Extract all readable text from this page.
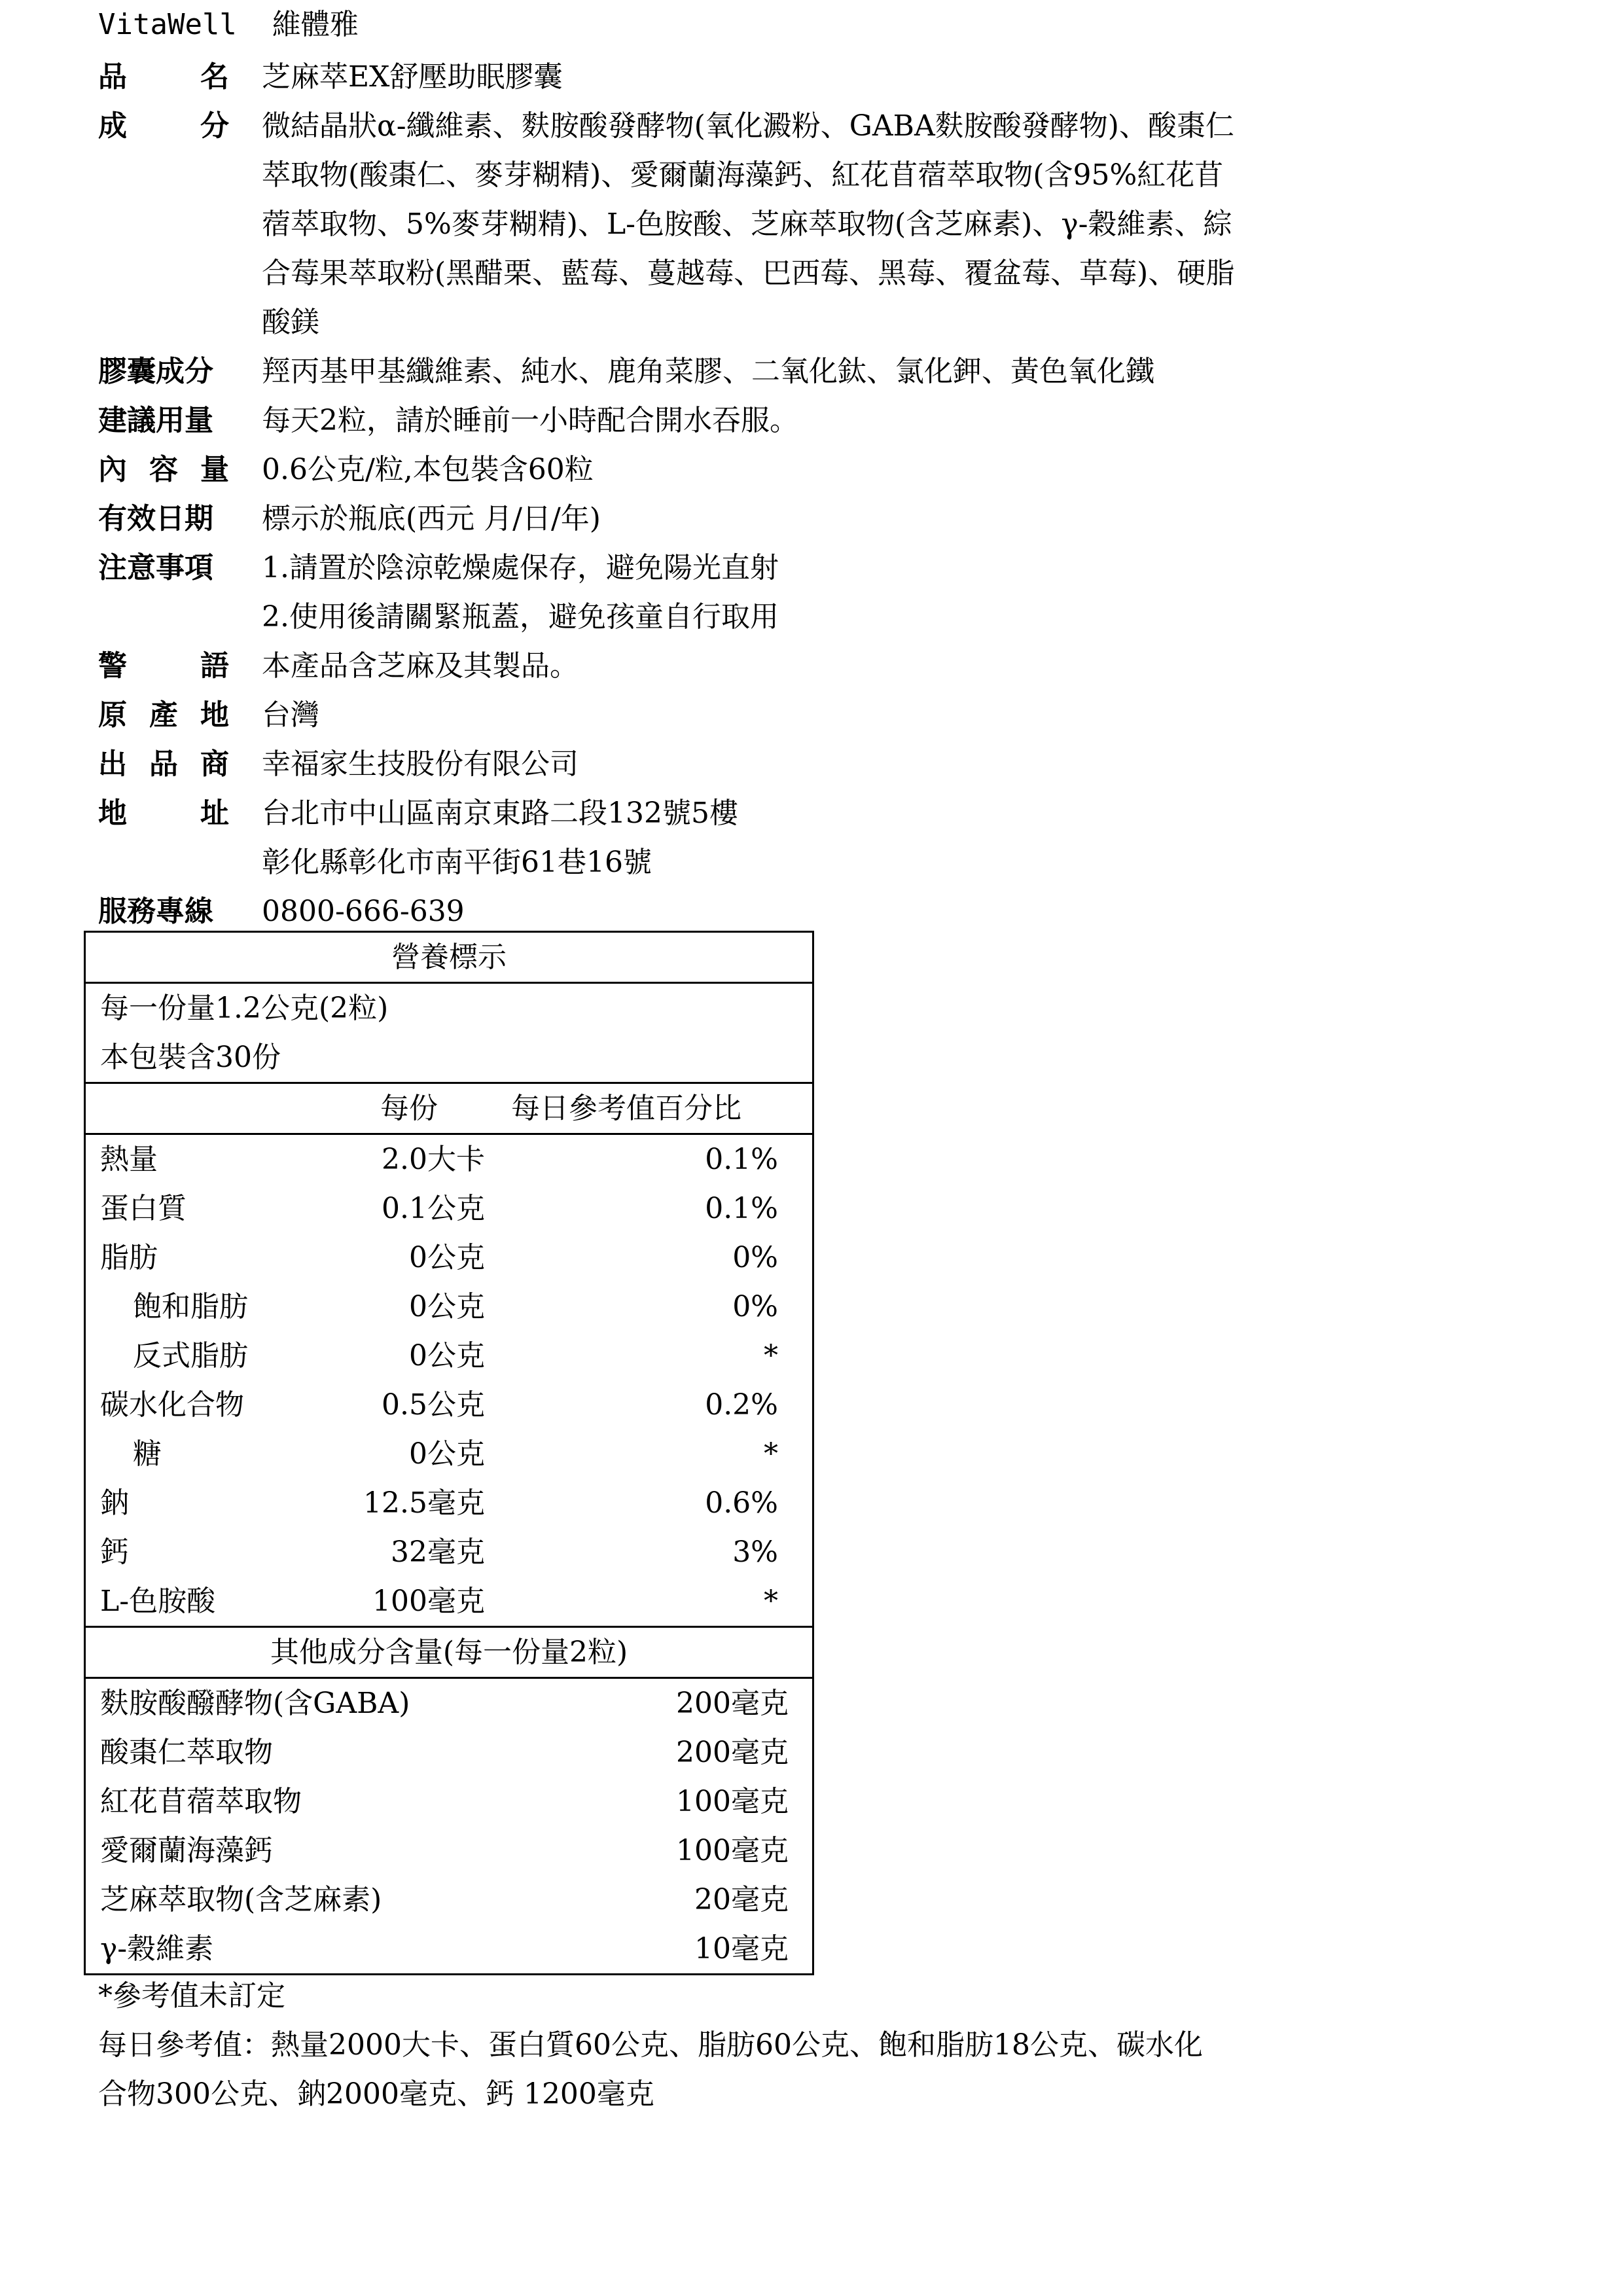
VitaWell 維體雅
品	名 芝麻萃EX舒壓助眠膠囊
成	分 微結晶狀α-纖維素、麩胺酸發酵物(氧化澱粉、GABA麩胺酸發酵物)、酸棗仁
萃取物(酸棗仁、麥芽糊精)、愛爾蘭海藻鈣、紅花苜蓿萃取物(含95%紅花苜
蓿萃取物、5%麥芽糊精)、L-色胺酸、芝麻萃取物(含芝麻素)、γ-穀維素、綜
合莓果萃取粉(黑醋栗、藍莓、蔓越莓、巴西莓、黑莓、覆盆莓、草莓)、硬脂
酸鎂
膠囊成分	羥丙基甲基纖維素、純水、鹿角菜膠、二氧化鈦、氯化鉀、黃色氧化鐵
建議用量	每天2粒，請於睡前一小時配合開水吞服。
內 容 量 0.6公克/粒,本包裝含60粒
有效日期	標示於瓶底(西元 月/日/年)
注意事項	1.請置於陰涼乾燥處保存，避免陽光直射
2.使用後請關緊瓶蓋，避免孩童自行取用
警	語 本產品含芝麻及其製品。
原 產 地 台灣
出 品 商 幸福家生技股份有限公司
地	址 台北市中山區南京東路二段132號5樓
彰化縣彰化市南平街61巷16號
服務專線	0800-666-639
營養標示
每一份量1.2公克(2粒)
本包裝含30份
每份	每日參考值百分比
熱量	2.0大卡	0.1%
蛋白質	0.1公克	0.1%
脂肪	0公克	0%
飽和脂肪	0公克	0%
反式脂肪	0公克	*
碳水化合物	0.5公克	0.2%
糖	0公克	*
鈉	12.5毫克	0.6%
鈣	32毫克	3%
L-色胺酸	100毫克	*
其他成分含量(每一份量2粒)
麩胺酸醱酵物(含GABA)	200毫克
酸棗仁萃取物	200毫克
紅花苜蓿萃取物	100毫克
愛爾蘭海藻鈣	100毫克
芝麻萃取物(含芝麻素)	20毫克
γ-穀維素	10毫克
*參考值未訂定
每日參考值：熱量2000大卡、蛋白質60公克、脂肪60公克、飽和脂肪18公克、碳水化
合物300公克、鈉2000毫克、鈣 1200毫克
